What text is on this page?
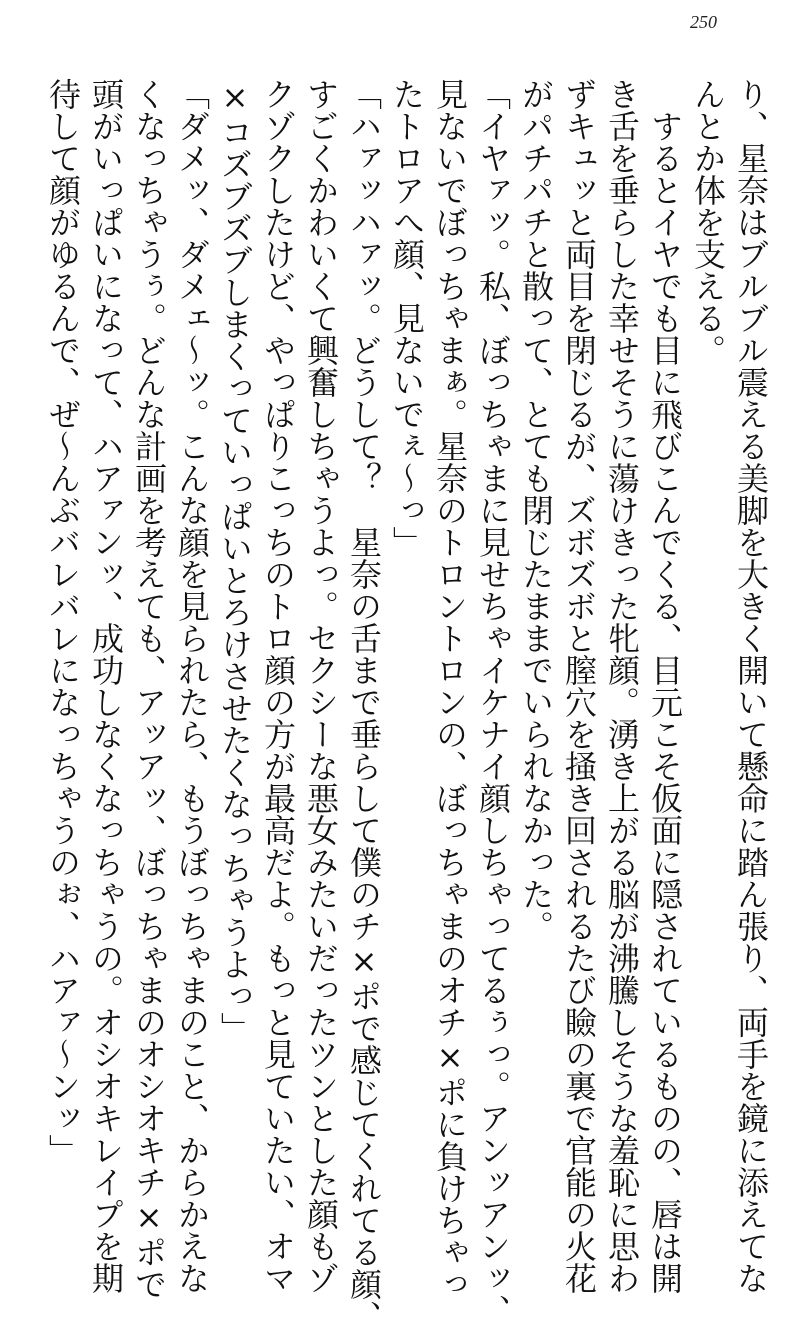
250
り、星奈はブルブル震える美脚を大きく開いて懸命に踏ん張り、両手を鏡に添えてな
んとか体を支える。
　するとイヤでも目に飛びこんでくる、目元こそ仮面に隠されているものの、唇は開
き舌を垂らした幸せそうに蕩けきった牝顔。湧き上がる脳が沸騰しそうな羞恥に思わ
ずキュッと両目を閉じるが、ズボズボと膣穴を掻き回されるたび瞼の裏で官能の火花
がパチパチと散って、とても閉じたままでいられなかった。
「イヤァッ。私、ぼっちゃまに見せちゃイケナイ顔しちゃってるぅっ。アンッアンッ、
見ないでぼっちゃまぁ。星奈のトロントロンの、ぼっちゃまのオチ×ポに負けちゃっ
たトロアへ顔、見ないでぇ～っ」
「ハァッハァッ。どうして？　星奈の舌まで垂らして僕のチ×ポで感じてくれてる顔、
すごくかわいくて興奮しちゃうよっ。セクシーな悪女みたいだったツンとした顔もゾ
クゾクしたけど、やっぱりこっちのトロ顔の方が最高だよ。もっと見ていたい、オマ
×コズブズブしまくっていっぱいとろけさせたくなっちゃうよっ」
「ダメッ、ダメェ～ッ。こんな顔を見られたら、もうぼっちゃまのこと、からかえな
くなっちゃうぅ。どんな計画を考えても、アッアッ、ぼっちゃまのオシオキチ×ポで
頭がいっぱいになって、ハアァンッ、成功しなくなっちゃうの。オシオキレイプを期
待して顔がゆるんで、ぜ～んぶバレバレになっちゃうのぉ、ハアァ～ンッ」
